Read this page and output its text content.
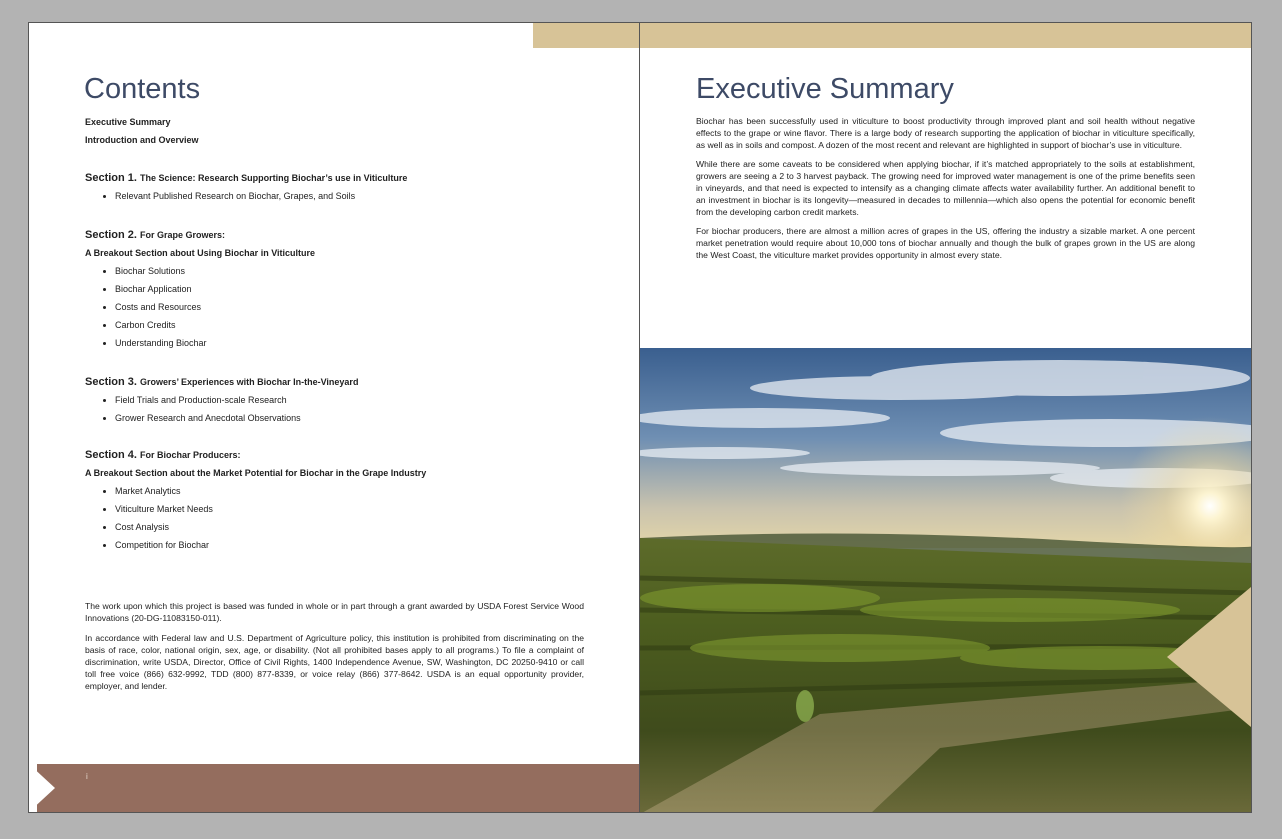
Contents
Executive Summary
Introduction and Overview
Section 1. The Science: Research Supporting Biochar’s use in Viticulture
• Relevant Published Research on Biochar, Grapes, and Soils
Section 2. For Grape Growers:
A Breakout Section about Using Biochar in Viticulture
• Biochar Solutions
• Biochar Application
• Costs and Resources
• Carbon Credits
• Understanding Biochar
Section 3. Growers’ Experiences with Biochar In-the-Vineyard
• Field Trials and Production-scale Research
• Grower Research and Anecdotal Observations
Section 4. For Biochar Producers:
A Breakout Section about the Market Potential for Biochar in the Grape Industry
• Market Analytics
• Viticulture Market Needs
• Cost Analysis
• Competition for Biochar

The work upon which this project is based was funded in whole or in part through a grant awarded by USDA Forest Service Wood Innovations (20-DG-11083150-011).

In accordance with Federal law and U.S. Department of Agriculture policy, this institution is prohibited from discriminating on the basis of race, color, national origin, sex, age, or disability. (Not all prohibited bases apply to all programs.) To file a complaint of discrimination, write USDA, Director, Office of Civil Rights, 1400 Independence Avenue, SW, Washington, DC 20250-9410 or call toll free voice (866) 632-9992, TDD (800) 877-8339, or voice relay (866) 377-8642. USDA is an equal opportunity provider, employer, and lender.

i
Executive Summary

Biochar has been successfully used in viticulture to boost productivity through improved plant and soil health without negative effects to the grape or wine flavor. There is a large body of research supporting the application of biochar in viticulture specifically, as well as in soils and compost. A dozen of the most recent and relevant are highlighted in support of biochar’s use in viticulture.

While there are some caveats to be considered when applying biochar, if it’s matched appropriately to the soils at establishment, growers are seeing a 2 to 3 harvest payback. The growing need for improved water management is one of the prime benefits seen in vineyards, and that need is expected to intensify as a changing climate affects water availability further. An additional benefit to an investment in biochar is its longevity—measured in decades to millennia—which also opens the potential for economic benefit from the developing carbon credit markets.

For biochar producers, there are almost a million acres of grapes in the US, offering the industry a sizable market. A one percent market penetration would require about 10,000 tons of biochar annually and though the bulk of grapes grown in the US are along the West Coast, the viticulture market provides opportunity in almost every state.
